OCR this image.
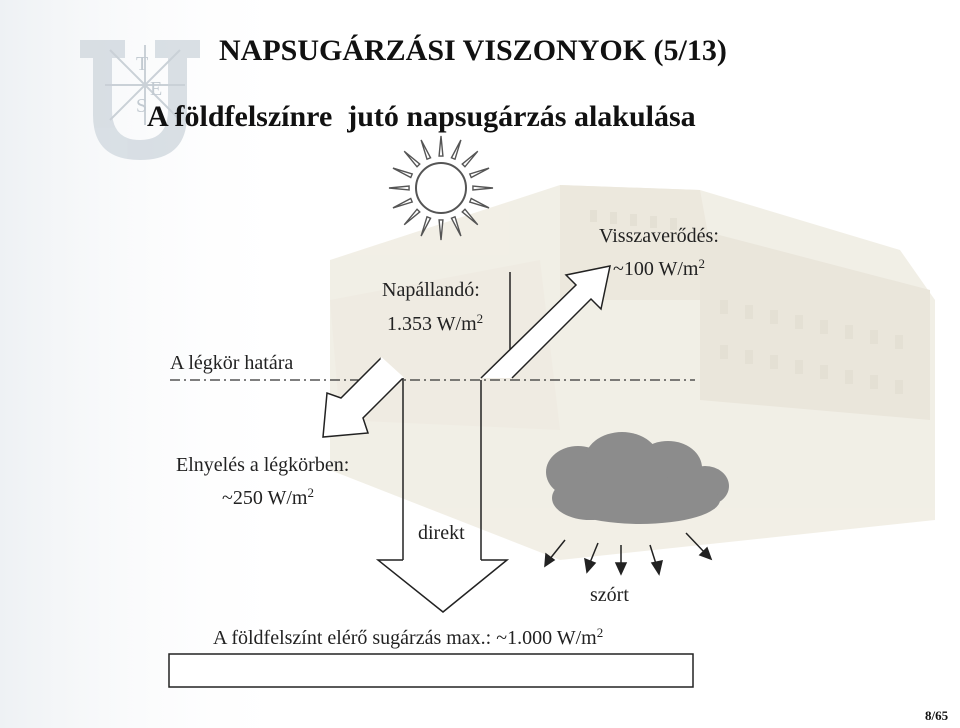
T
E
S
NAPSUGÁRZÁSI VISZONYOK (5/13)
A földfelszínre  jutó napsugárzás alakulása
A légkör határa
Napállandó:
1.353 $W/m^2$
Visszaverődés:
~100 $W/m^2$
Elnyelés a légkörben:
~250 $W/m^2$
direkt
szórt
A földfelszínt elérő sugárzás max.: ~1.000 $W/m^2$
8/65
